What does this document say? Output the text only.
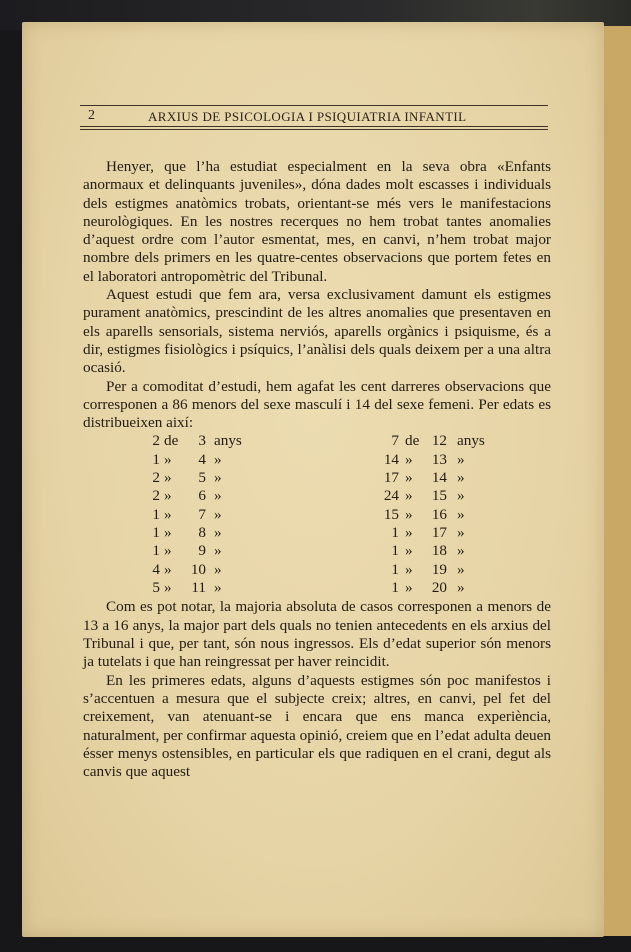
2	ARXIUS DE PSICOLOGIA I PSIQUIATRIA INFANTIL

Henyer, que l’ha estudiat especialment en la seva obra «Enfants anormaux et delinquants juveniles», dóna dades molt escasses i individuals dels estigmes anatòmics trobats, orientant-se més vers le manifestacions neurològiques. En les nostres recerques no hem trobat tantes anomalies d’aquest ordre com l’autor esmentat, mes, en canvi, n’hem trobat major nombre dels primers en les quatre-centes observacions que portem fetes en el laboratori antropomètric del Tribunal.

Aquest estudi que fem ara, versa exclusivament damunt els estigmes purament anatòmics, prescindint de les altres anomalies que presentaven en els aparells sensorials, sistema nerviós, aparells orgànics i psiquisme, és a dir, estigmes fisiològics i psíquics, l’anàlisi dels quals deixem per a una altra ocasió.

Per a comoditat d’estudi, hem agafat les cent darreres observacions que corresponen a 86 menors del sexe masculí i 14 del sexe femeni. Per edats es distribueixen així:

2 de	3 anys
1 »	4 »
2 »	5 »
2 »	6 »
1 »	7 »
1 »	8 »
1 »	9 »
4 »	10 »
5 »	11 »
7 de 12 anys
14 »	13 »
17 »	14 »
24 »	15 »
15 »	16 »
1 »	17 »
1 »	18 »
1 »	19 »
1 »	20 »

Com es pot notar, la majoria absoluta de casos corresponen a menors de 13 a 16 anys, la major part dels quals no tenien antecedents en els arxius del Tribunal i que, per tant, són nous ingressos. Els d’edat superior són menors ja tutelats i que han reingressat per haver reincidit.

En les primeres edats, alguns d’aquests estigmes són poc manifestos i s’accentuen a mesura que el subjecte creix; altres, en canvi, pel fet del creixement, van atenuant-se i encara que ens manca experiència, naturalment, per confirmar aquesta opinió, creiem que en l’edat adulta deuen ésser menys ostensibles, en particular els que radiquen en el crani, degut als canvis que aquest
